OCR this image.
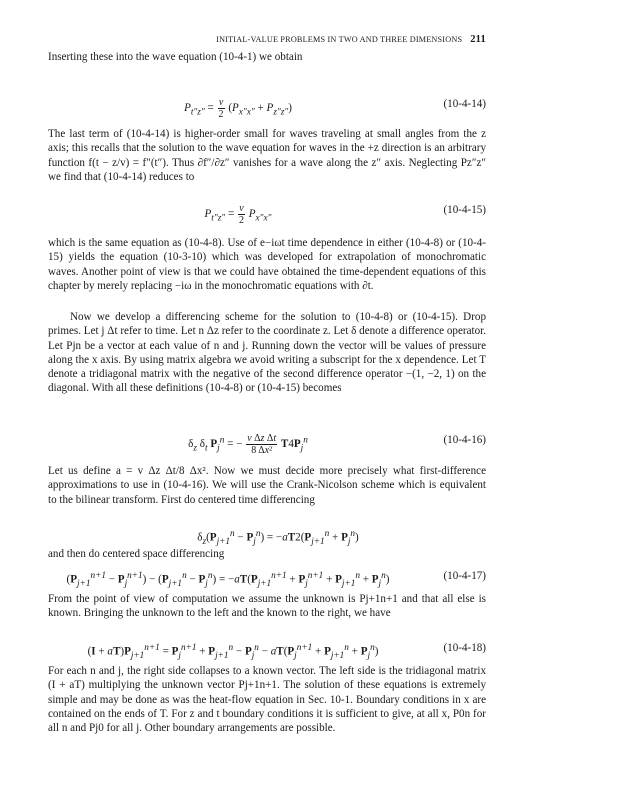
INITIAL-VALUE PROBLEMS IN TWO AND THREE DIMENSIONS 211

Inserting these into the wave equation (10-4-1) we obtain

$P_{t''z''} = \frac{v}{2} (P_{x''x''} + P_{z''z''})$	(10-4-14)

The last term of (10-4-14) is higher-order small for waves traveling at small angles from the z axis; this recalls that the solution to the wave equation for waves in the +z direction is an arbitrary function f(t − z/v) = f″(t″). Thus ∂f″/∂z″ vanishes for a wave along the z″ axis. Neglecting Pz″z″ we find that (10-4-14) reduces to

$P_{t''z''} = \frac{v}{2} P_{x''x''}$
(10-4-15)

which is the same equation as (10-4-8). Use of e−iωt time dependence in either (10-4-8) or (10-4-15) yields the equation (10-3-10) which was developed for extrapolation of monochromatic waves. Another point of view is that we could have obtained the time-dependent equations of this chapter by merely replacing −iω in the monochromatic equations with ∂t.

Now we develop a differencing scheme for the solution to (10-4-8) or (10-4-15). Drop primes. Let j Δt refer to time. Let n Δz refer to the coordinate z. Let δ denote a difference operator. Let Pjn be a vector at each value of n and j. Running down the vector will be values of pressure along the x axis. By using matrix algebra we avoid writing a subscript for the x dependence. Let T denote a tridiagonal matrix with the negative of the second difference operator −(1, −2, 1) on the diagonal. With all these definitions (10-4-8) or (10-4-15) becomes

$\delta_z$ $\delta_t$ $P_j^n$ = − $\frac{\text{v Δz Δt}}{\text{8 Δx²}} T4P_j^n$	(10-4-16)

Let us define a = v Δz Δt/8 Δx². Now we must decide more precisely what first-difference approximations to use in (10-4-16). We will use the Crank-Nicolson scheme which is equivalent to the bilinear transform. First do centered time differencing

$\delta_z(P_{j+1}^n - P_j^n) = -aT2(P_{j+1}^n + P_j^n)$

and then do centered space differencing

$(P_{j+1}^{n+1} - P_j^{n+1}) - (P_{j+1}^n - P_j^n) = -aT(P_{j+1}^{n+1} + P_j^{n+1} + P_{j+1}^n + P_j^n)$	(10-4-17)

From the point of view of computation we assume the unknown is Pj+1n+1 and that all else is known. Bringing the unknown to the left and the known to the right, we have

$(I + aT)P_{j+1}^{n+1} = P_j^{n+1} + P_{j+1}^n - P_j^n - aT(P_j^{n+1} + P_{j+1}^n + P_j^n)$	(10-4-18)

For each n and j, the right side collapses to a known vector. The left side is the tridiagonal matrix (I + aT) multiplying the unknown vector Pj+1n+1. The solution of these equations is extremely simple and may be done as was the heat-flow equation in Sec. 10-1. Boundary conditions in x are contained on the ends of T. For z and t boundary conditions it is sufficient to give, at all x, P0n for all n and Pj0 for all j. Other boundary arrangements are possible.
